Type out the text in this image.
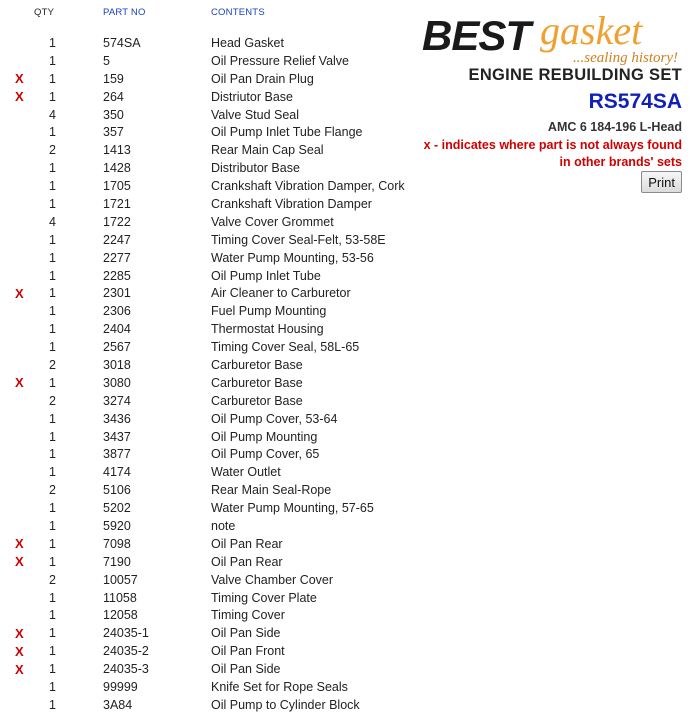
QTY		PART NO	CONTENTS

	1	574SA	Head Gasket
	1	5	Oil Pressure Relief Valve
X	1	159	Oil Pan Drain Plug
X	1	264	Distriutor Base
	4	350	Valve Stud Seal
	1	357	Oil Pump Inlet Tube Flange
	2	1413	Rear Main Cap Seal
	1	1428	Distributor Base
	1	1705	Crankshaft Vibration Damper, Cork
	1	1721	Crankshaft Vibration Damper
	4	1722	Valve Cover Grommet
	1	2247	Timing Cover Seal-Felt, 53-58E
	1	2277	Water Pump Mounting, 53-56
	1	2285	Oil Pump Inlet Tube
X	1	2301	Air Cleaner to Carburetor
	1	2306	Fuel Pump Mounting
	1	2404	Thermostat Housing
	1	2567	Timing Cover Seal, 58L-65
	2	3018	Carburetor Base
X	1	3080	Carburetor Base
	2	3274	Carburetor Base
	1	3436	Oil Pump Cover, 53-64
	1	3437	Oil Pump Mounting
	1	3877	Oil Pump Cover, 65
	1	4174	Water Outlet
	2	5106	Rear Main Seal-Rope
	1	5202	Water Pump Mounting, 57-65
	1	5920	note
X	1	7098	Oil Pan Rear
X	1	7190	Oil Pan Rear
	2	10057	Valve Chamber Cover
	1	11058	Timing Cover Plate
	1	12058	Timing Cover
X	1	24035-1	Oil Pan Side
X	1	24035-2	Oil Pan Front
X	1	24035-3	Oil Pan Side
	1	99999	Knife Set for Rope Seals
	1	3A84	Oil Pump to Cylinder Block
BEST gasket
...sealing history!
ENGINE REBUILDING SET
RS574SA
AMC 6 184-196 L-Head
x - indicates where part is not always found
in other brands' sets
Print
